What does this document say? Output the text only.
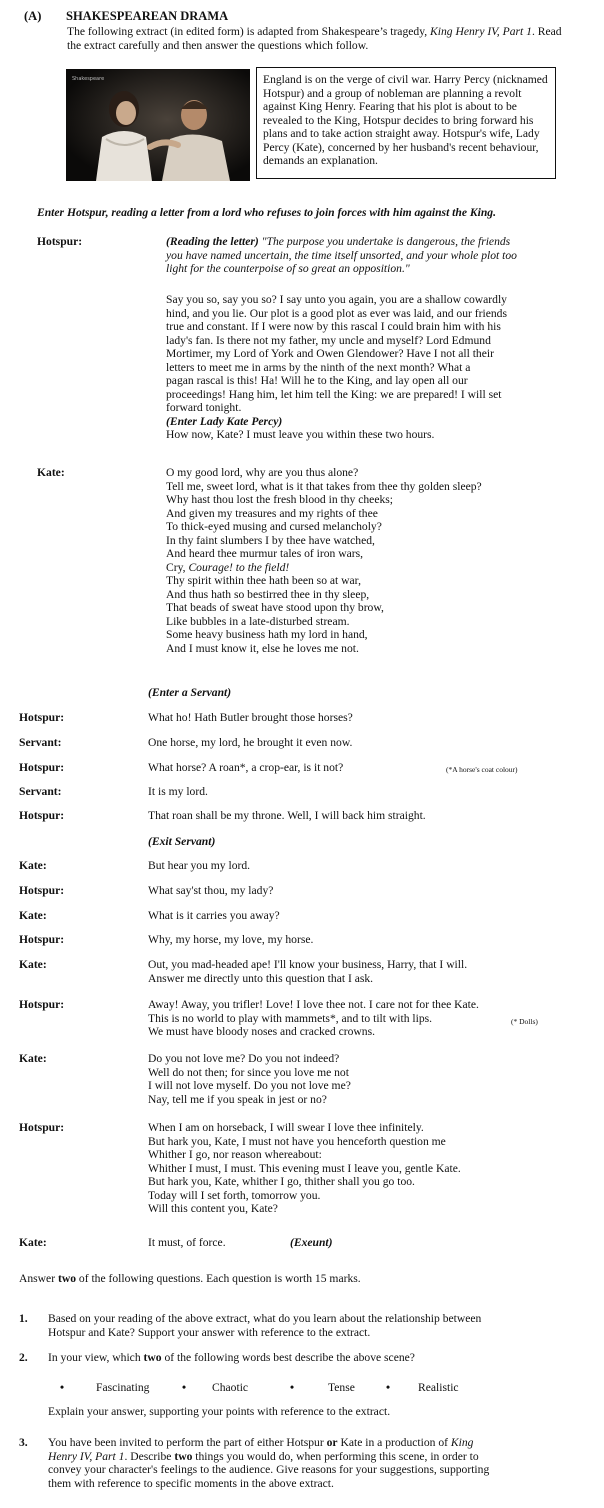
(A) SHAKESPEAREAN DRAMA
The following extract (in edited form) is adapted from Shakespeare’s tragedy, King Henry IV, Part 1. Read the extract carefully and then answer the questions which follow.
Shakespeare	England is on the verge of civil war. Harry Percy (nicknamed Hotspur) and a group of nobleman are planning a revolt against King Henry. Fearing that his plot is about to be revealed to the King, Hotspur decides to bring forward his plans and to take action straight away. Hotspur's wife, Lady Percy (Kate), concerned by her husband's recent behaviour, demands an explanation.

Enter Hotspur, reading a letter from a lord who refuses to join forces with him against the King.
Hotspur:	(Reading the letter) "The purpose you undertake is dangerous, the friends
you have named uncertain, the time itself unsorted, and your whole plot too
light for the counterpoise of so great an opposition."
Say you so, say you so? I say unto you again, you are a shallow cowardly
hind, and you lie. Our plot is a good plot as ever was laid, and our friends
true and constant. If I were now by this rascal I could brain him with his
lady's fan. Is there not my father, my uncle and myself? Lord Edmund
Mortimer, my Lord of York and Owen Glendower? Have I not all their
letters to meet me in arms by the ninth of the next month? What a
pagan rascal is this! Ha! Will he to the King, and lay open all our
proceedings! Hang him, let him tell the King: we are prepared! I will set
forward tonight.
(Enter Lady Kate Percy)
How now, Kate? I must leave you within these two hours.
Kate:	O my good lord, why are you thus alone?
Tell me, sweet lord, what is it that takes from thee thy golden sleep?
Why hast thou lost the fresh blood in thy cheeks;
And given my treasures and my rights of thee
To thick-eyed musing and cursed melancholy?
In thy faint slumbers I by thee have watched,
And heard thee murmur tales of iron wars,
Cry, Courage! to the field!
Thy spirit within thee hath been so at war,
And thus hath so bestirred thee in thy sleep,
That beads of sweat have stood upon thy brow,
Like bubbles in a late-disturbed stream.
Some heavy business hath my lord in hand,
And I must know it, else he loves me not.
(Enter a Servant)
Hotspur:	What ho! Hath Butler brought those horses?
Servant:	One horse, my lord, he brought it even now.
Hotspur:	What horse? A roan*, a crop-ear, is it not?	(*A horse's coat colour)
Servant:	It is my lord.
Hotspur:	That roan shall be my throne. Well, I will back him straight.
(Exit Servant)
Kate:	But hear you my lord.
Hotspur:	What say'st thou, my lady?
Kate:	What is it carries you away?
Hotspur:	Why, my horse, my love, my horse.
Kate:	Out, you mad-headed ape! I'll know your business, Harry, that I will.
Answer me directly unto this question that I ask.
Hotspur:	Away! Away, you trifler! Love! I love thee not. I care not for thee Kate.
This is no world to play with mammets*, and to tilt with lips.
We must have bloody noses and cracked crowns.
(* Dolls)
Kate:	Do you not love me? Do you not indeed?
Well do not then; for since you love me not
I will not love myself. Do you not love me?
Nay, tell me if you speak in jest or no?
Hotspur:	When I am on horseback, I will swear I love thee infinitely.
But hark you, Kate, I must not have you henceforth question me
Whither I go, nor reason whereabout:
Whither I must, I must. This evening must I leave you, gentle Kate.
But hark you, Kate, whither I go, thither shall you go too.
Today will I set forth, tomorrow you.
Will this content you, Kate?
Kate:	It must, of force.	(Exeunt)
Answer two of the following questions. Each question is worth 15 marks.
1. Based on your reading of the above extract, what do you learn about the relationship between
Hotspur and Kate? Support your answer with reference to the extract.
2. In your view, which two of the following words best describe the above scene?
•	Fascinating	• Chaotic	•	Tense	• Realistic
Explain your answer, supporting your points with reference to the extract.
3. You have been invited to perform the part of either Hotspur or Kate in a production of King
Henry IV, Part 1. Describe two things you would do, when performing this scene, in order to
convey your character's feelings to the audience. Give reasons for your suggestions, supporting
them with reference to specific moments in the above extract.
